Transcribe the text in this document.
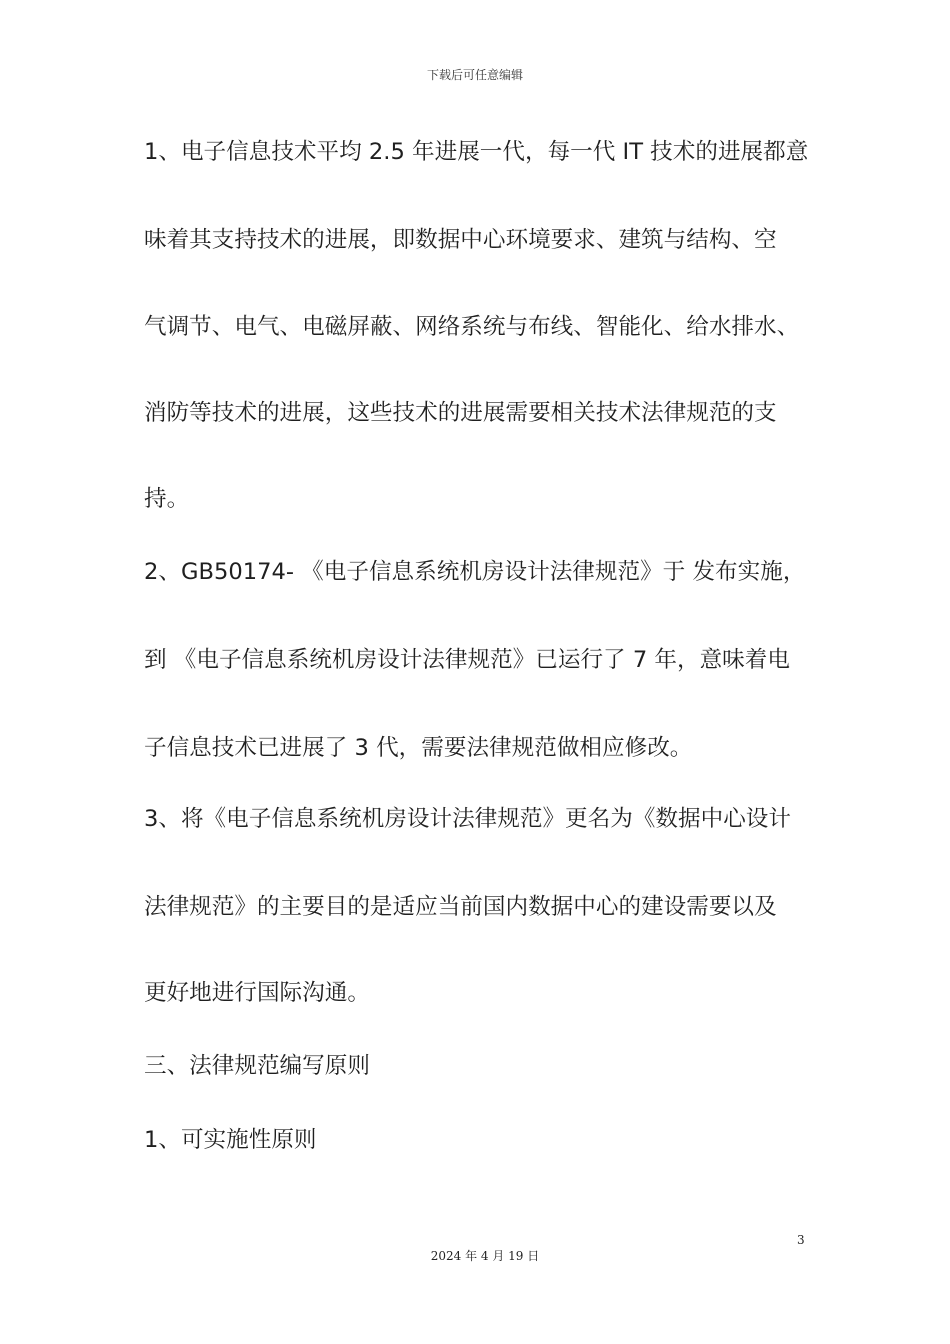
下载后可任意编辑
1、电子信息技术平均 2.5 年进展一代，每一代 IT 技术的进展都意
味着其支持技术的进展，即数据中心环境要求、建筑与结构、空
气调节、电气、电磁屏蔽、网络系统与布线、智能化、给水排水、
消防等技术的进展，这些技术的进展需要相关技术法律规范的支
持。
2、GB50174- 《电子信息系统机房设计法律规范》于 发布实施，
到 《电子信息系统机房设计法律规范》已运行了 7 年，意味着电
子信息技术已进展了 3 代，需要法律规范做相应修改。
3、将《电子信息系统机房设计法律规范》更名为《数据中心设计
法律规范》的主要目的是适应当前国内数据中心的建设需要以及
更好地进行国际沟通。
三、法律规范编写原则
1、可实施性原则
3
2024 年 4 月 19 日
